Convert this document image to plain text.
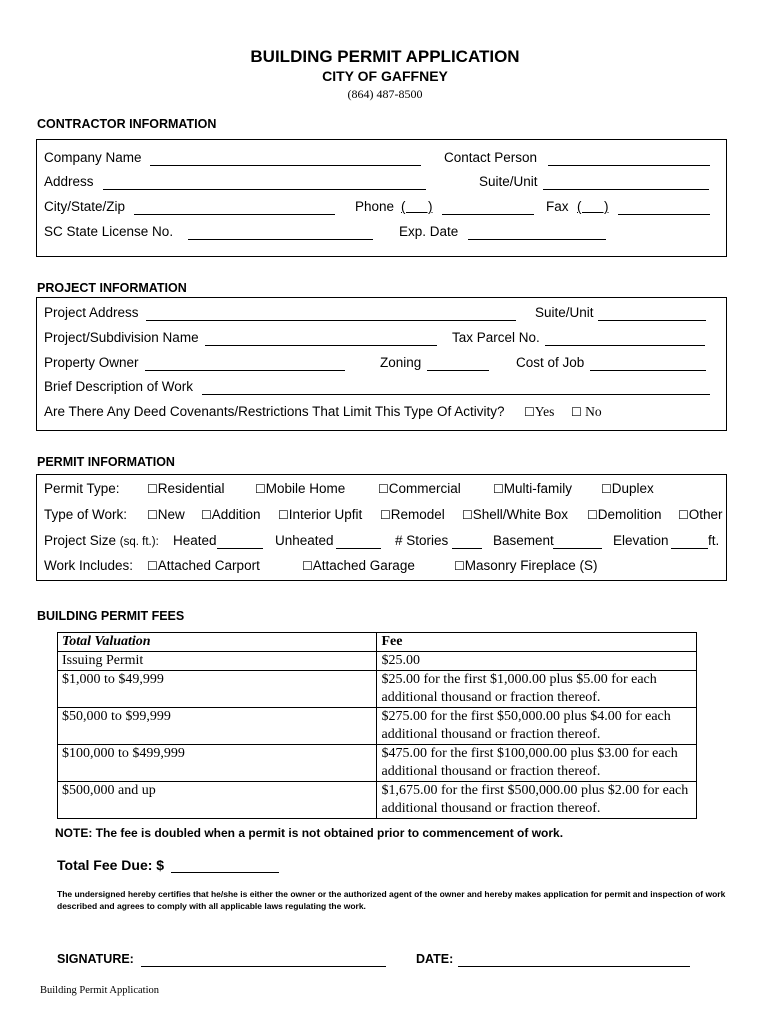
BUILDING PERMIT APPLICATION
CITY OF GAFFNEY
(864) 487-8500
CONTRACTOR INFORMATION
Company Name	Contact Person
Address	Suite/Unit
City/State/Zip	Phone (      )	Fax (      )
SC State License No.	Exp. Date
PROJECT INFORMATION
Project Address	Suite/Unit
Project/Subdivision Name	Tax Parcel No.
Property Owner	Zoning	Cost of Job
Brief Description of Work
Are There Any Deed Covenants/Restrictions That Limit This Type Of Activity? ☐Yes ☐ No
PERMIT INFORMATION
Permit Type: ☐Residential	☐Mobile Home	☐Commercial	☐Multi-family ☐Duplex
Type of Work: ☐New ☐Addition ☐Interior Upfit ☐Remodel ☐Shell/White Box ☐Demolition ☐Other
Project Size (sq. ft.): Heated	Unheated	# Stories	Basement	Elevation	ft.
Work Includes: ☐Attached Carport	☐Attached Garage	☐Masonry Fireplace (S)
BUILDING PERMIT FEES
Total Valuation	Fee
Issuing Permit	$25.00
$1,000 to $49,999	$25.00 for the first $1,000.00 plus $5.00 for each additional thousand or fraction thereof.
$50,000 to $99,999	$275.00 for the first $50,000.00 plus $4.00 for each additional thousand or fraction thereof.
$100,000 to $499,999	$475.00 for the first $100,000.00 plus $3.00 for each additional thousand or fraction thereof.
$500,000 and up	$1,675.00 for the first $500,000.00 plus $2.00 for each additional thousand or fraction thereof.
NOTE: The fee is doubled when a permit is not obtained prior to commencement of work.
Total Fee Due: $
The undersigned hereby certifies that he/she is either the owner or the authorized agent of the owner and hereby makes application for permit and inspection of work described and agrees to comply with all applicable laws regulating the work.
SIGNATURE:	DATE:
Building Permit Application
